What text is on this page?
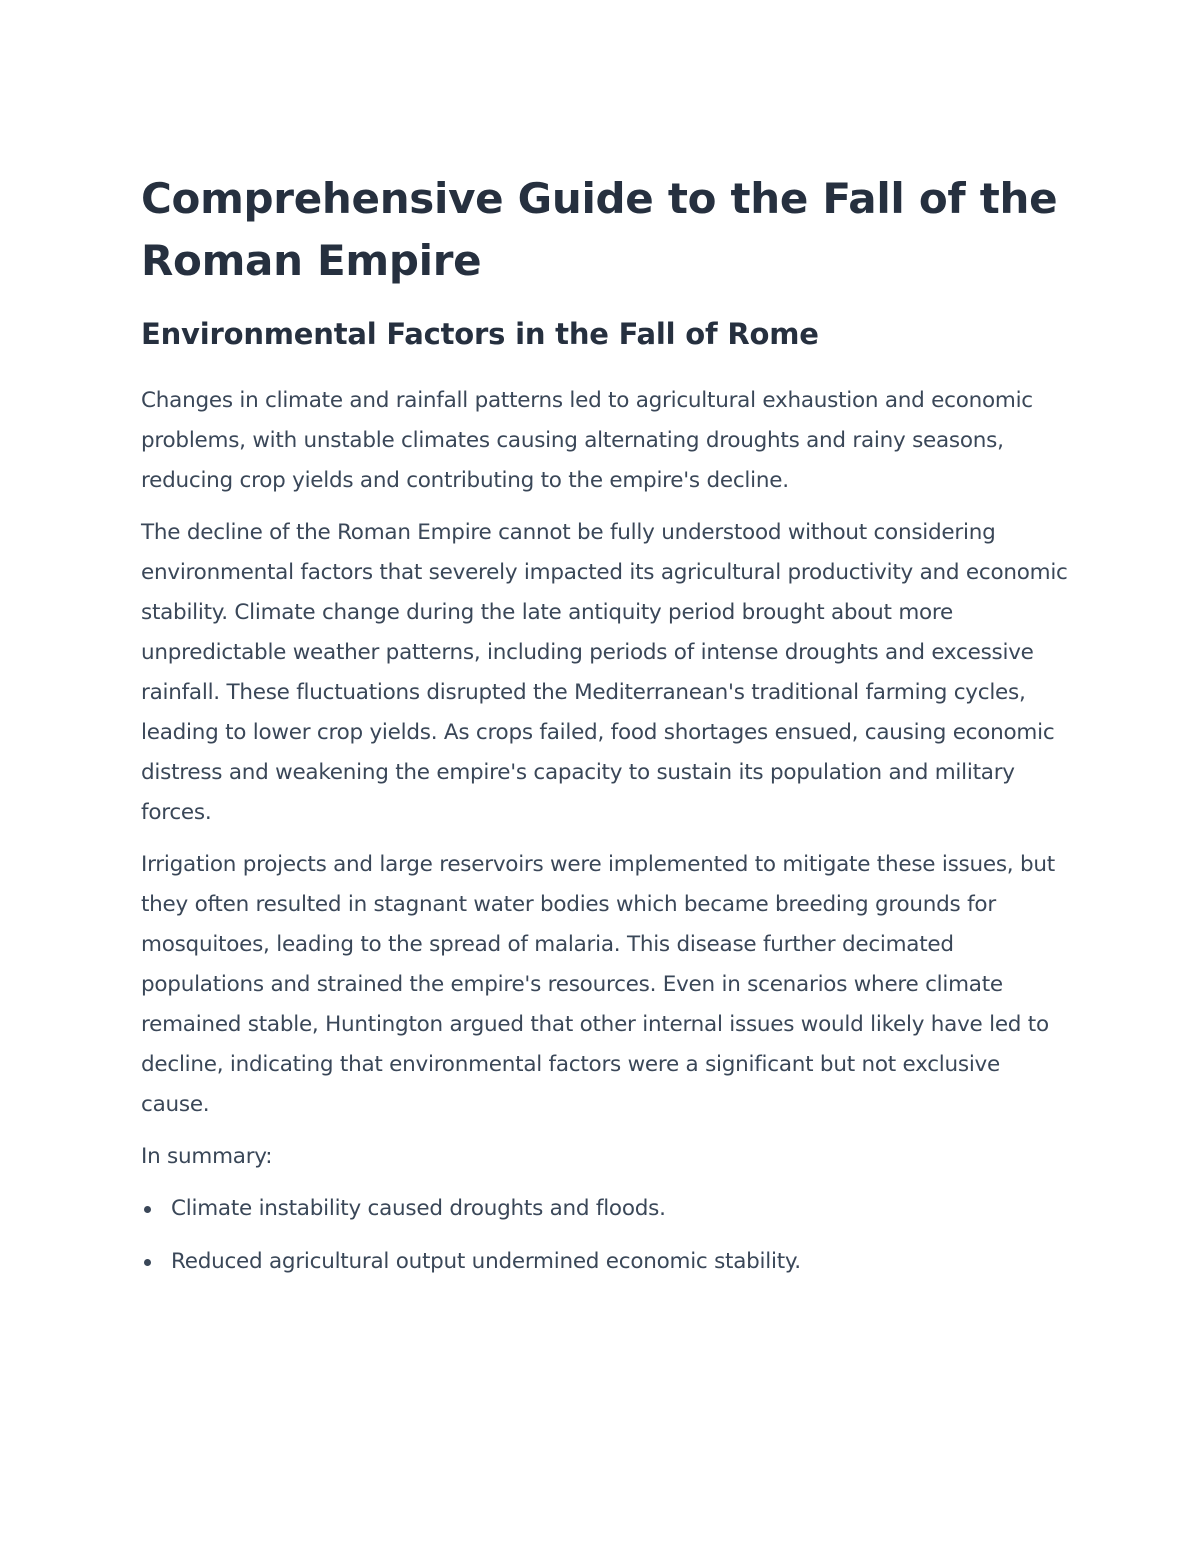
Comprehensive Guide to the Fall of the Roman Empire
Environmental Factors in the Fall of Rome

Changes in climate and rainfall patterns led to agricultural exhaustion and economic problems, with unstable climates causing alternating droughts and rainy seasons, reducing crop yields and contributing to the empire's decline.

The decline of the Roman Empire cannot be fully understood without considering environmental factors that severely impacted its agricultural productivity and economic stability. Climate change during the late antiquity period brought about more unpredictable weather patterns, including periods of intense droughts and excessive rainfall. These fluctuations disrupted the Mediterranean's traditional farming cycles, leading to lower crop yields. As crops failed, food shortages ensued, causing economic distress and weakening the empire's capacity to sustain its population and military forces.

Irrigation projects and large reservoirs were implemented to mitigate these issues, but they often resulted in stagnant water bodies which became breeding grounds for mosquitoes, leading to the spread of malaria. This disease further decimated populations and strained the empire's resources. Even in scenarios where climate remained stable, Huntington argued that other internal issues would likely have led to decline, indicating that environmental factors were a significant but not exclusive cause.

In summary:

Climate instability caused droughts and floods.
Reduced agricultural output undermined economic stability.
